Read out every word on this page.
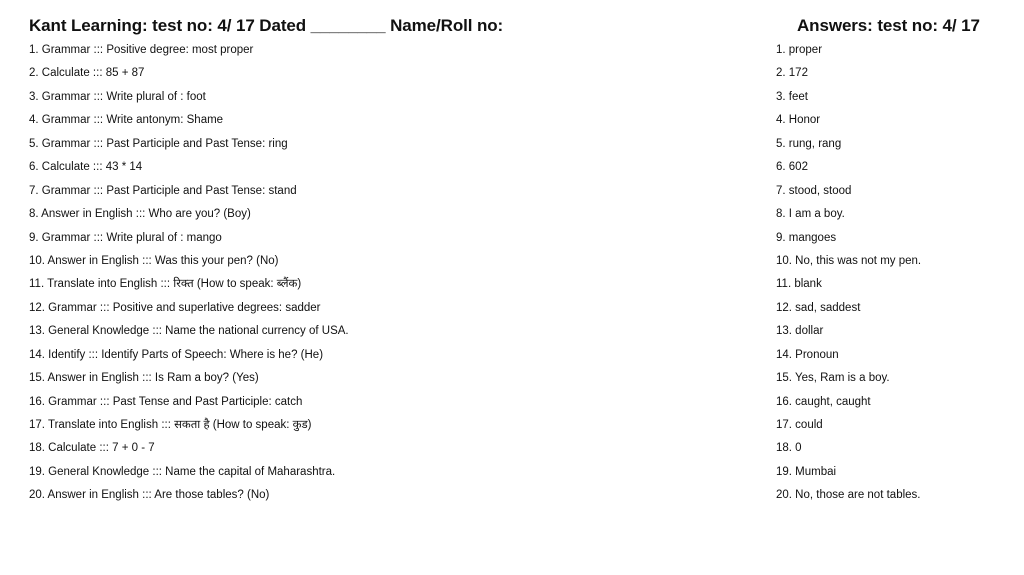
Kant Learning: test no: 4/ 17 Dated ________ Name/Roll no:	Answers: test no: 4/ 17
1. Grammar ::: Positive degree: most proper
2. Calculate ::: 85 + 87
3. Grammar ::: Write plural of : foot
4. Grammar ::: Write antonym: Shame
5. Grammar ::: Past Participle and Past Tense: ring
6. Calculate ::: 43 * 14
7. Grammar ::: Past Participle and Past Tense: stand
8. Answer in English ::: Who are you? (Boy)
9. Grammar ::: Write plural of : mango
10. Answer in English ::: Was this your pen? (No)
11. Translate into English ::: रिक्त (How to speak: ब्लैंक)
12. Grammar ::: Positive and superlative degrees: sadder
13. General Knowledge ::: Name the national currency of USA.
14. Identify ::: Identify Parts of Speech: Where is he? (He)
15. Answer in English ::: Is Ram a boy? (Yes)
16. Grammar ::: Past Tense and Past Participle: catch
17. Translate into English ::: सकता है (How to speak: कुड)
18. Calculate ::: 7 + 0 - 7
19. General Knowledge ::: Name the capital of Maharashtra.
20. Answer in English ::: Are those tables? (No)
1. proper
2. 172
3. feet
4. Honor
5. rung, rang
6. 602
7. stood, stood
8. I am a boy.
9. mangoes
10. No, this was not my pen.
11. blank
12. sad, saddest
13. dollar
14. Pronoun
15. Yes, Ram is a boy.
16. caught, caught
17. could
18. 0
19. Mumbai
20. No, those are not tables.
